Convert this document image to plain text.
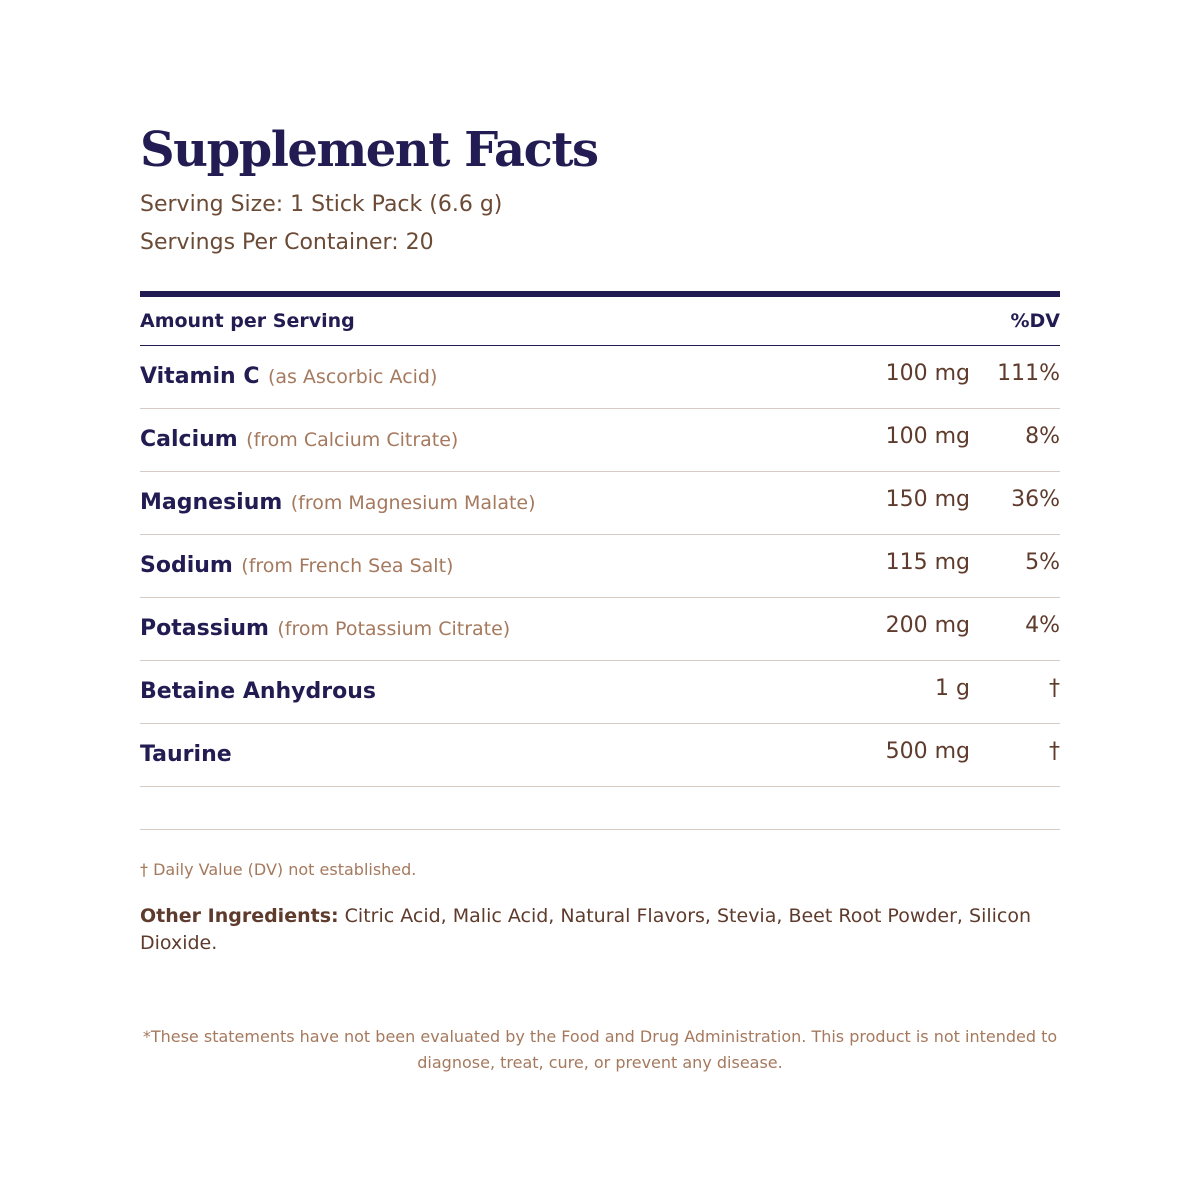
Supplement Facts
Serving Size: 1 Stick Pack (6.6 g)
Servings Per Container: 20
Amount per Serving	%DV
Vitamin C (as Ascorbic Acid)	100 mg 111%
Calcium (from Calcium Citrate)	100 mg	8%
Magnesium (from Magnesium Malate)	150 mg 36%
Sodium (from French Sea Salt)	115 mg	5%
Potassium (from Potassium Citrate)	200 mg	4%
Betaine Anhydrous	1 g	†
Taurine	500 mg	†
† Daily Value (DV) not established.
Other Ingredients: Citric Acid, Malic Acid, Natural Flavors, Stevia, Beet Root Powder, Silicon Dioxide.
*These statements have not been evaluated by the Food and Drug Administration. This product is not intended to diagnose, treat, cure, or prevent any disease.
